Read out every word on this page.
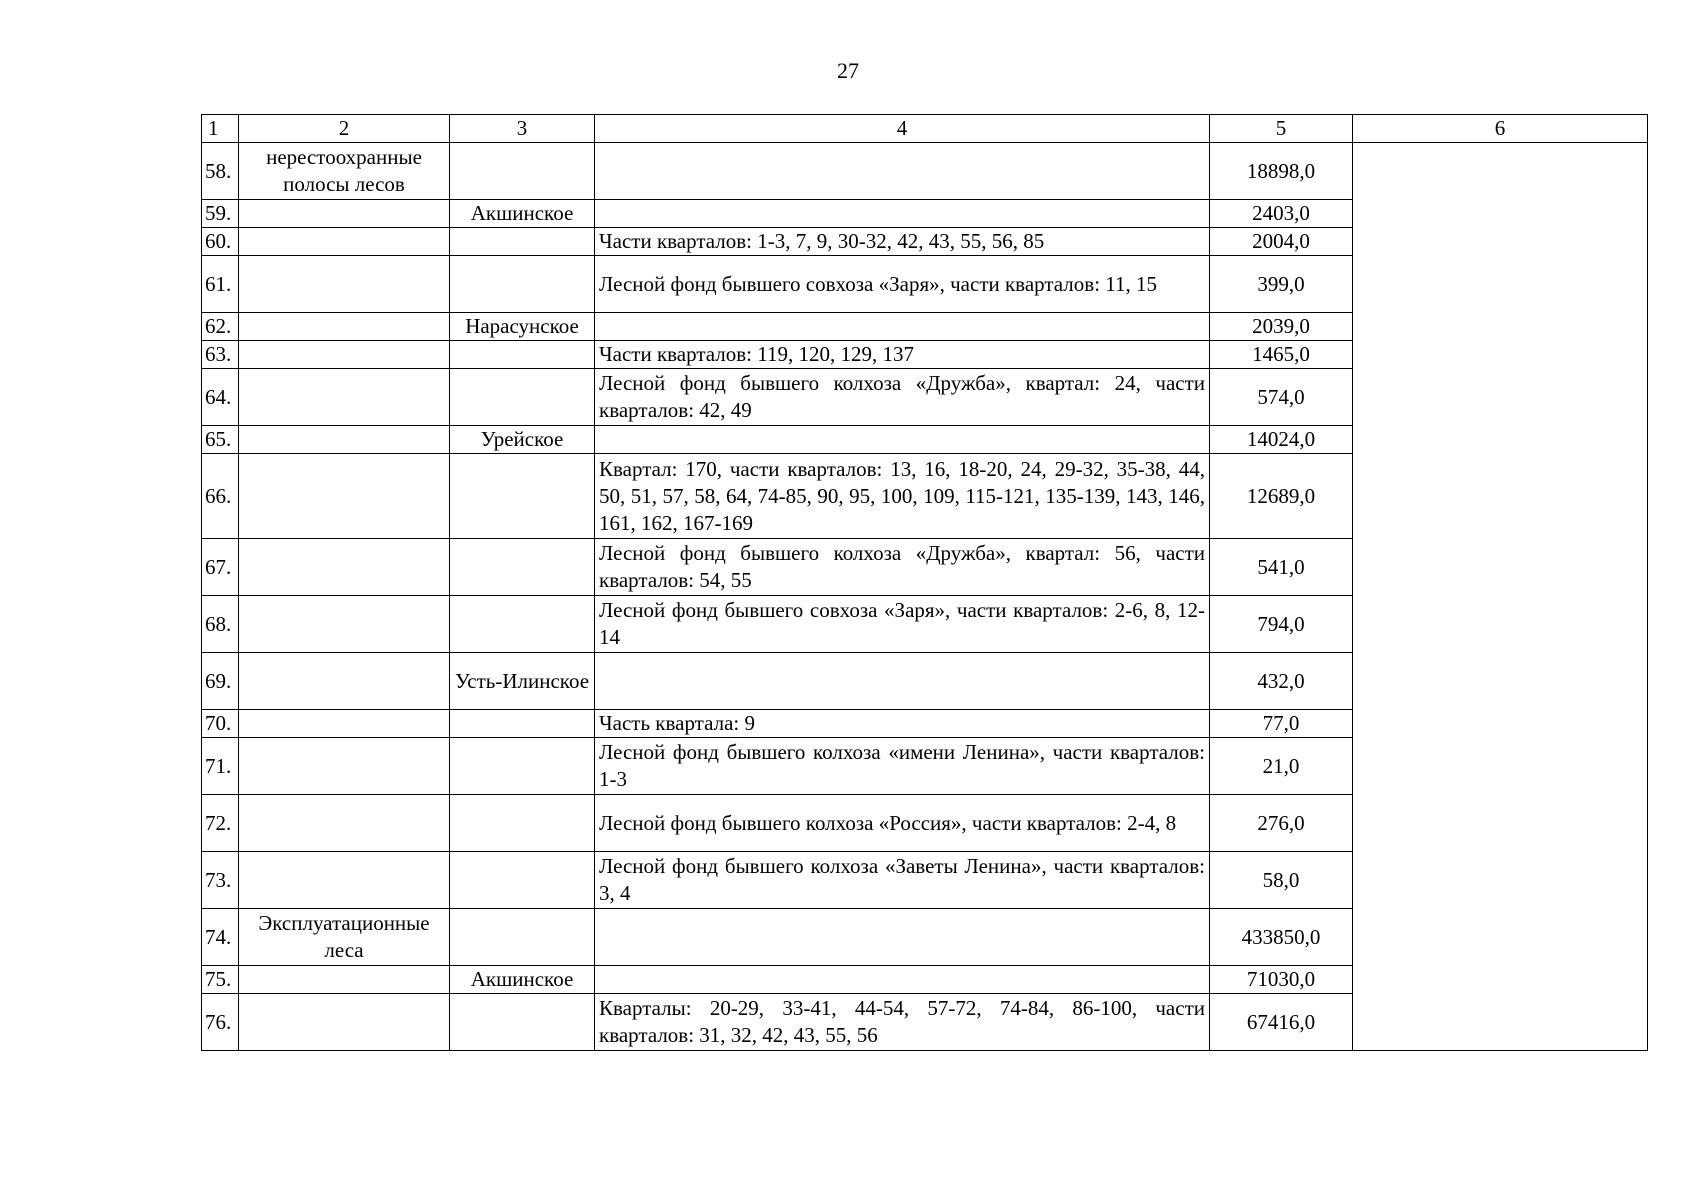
27
1	2	3	4	5	6
58.	нерестоохранные полосы лесов			18898,0	
59.		Акшинское		2403,0	
60.			Части кварталов: 1-3, 7, 9, 30-32, 42, 43, 55, 56, 85	2004,0	
61.			Лесной фонд бывшего совхоза «Заря», части кварталов: 11, 15	399,0	
62.		Нарасунское		2039,0	
63.			Части кварталов: 119, 120, 129, 137	1465,0	
64.			Лесной фонд бывшего колхоза «Дружба», квартал: 24, части кварталов: 42, 49	574,0	
65.		Урейское		14024,0	
66.			Квартал: 170, части кварталов: 13, 16, 18-20, 24, 29-32, 35-38, 44, 50, 51, 57, 58, 64, 74-85, 90, 95, 100, 109, 115-121, 135-139, 143, 146, 161, 162, 167-169	12689,0	
67.			Лесной фонд бывшего колхоза «Дружба», квартал: 56, части кварталов: 54, 55	541,0	
68.			Лесной фонд бывшего совхоза «Заря», части кварталов: 2-6, 8, 12-14	794,0	
69.		Усть-Илинское		432,0	
70.			Часть квартала: 9	77,0	
71.			Лесной фонд бывшего колхоза «имени Ленина», части кварталов: 1-3	21,0	
72.			Лесной фонд бывшего колхоза «Россия», части кварталов: 2-4, 8	276,0	
73.			Лесной фонд бывшего колхоза «Заветы Ленина», части кварталов: 3, 4	58,0	
74.	Эксплуатационные леса			433850,0	
75.		Акшинское		71030,0	
76.			Кварталы: 20-29, 33-41, 44-54, 57-72, 74-84, 86-100, части кварталов: 31, 32, 42, 43, 55, 56	67416,0	
